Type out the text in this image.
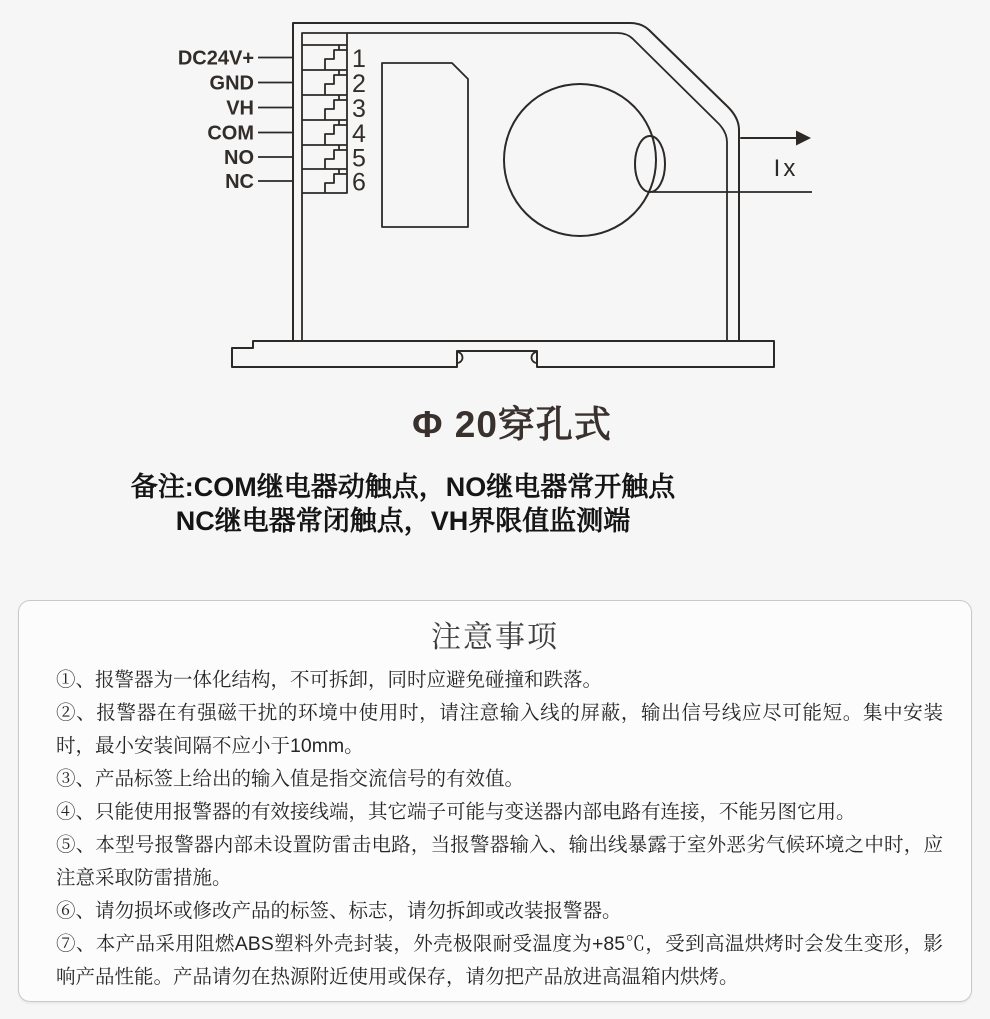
DC24V+
GND
VH
COM
NO
NC
1
2
3
4
5
6	Ix
Φ 20穿孔式
备注:COM继电器动触点，NO继电器常开触点
NC继电器常闭触点，VH界限值监测端
注意事项

①、报警器为一体化结构，不可拆卸，同时应避免碰撞和跌落。

②、报警器在有强磁干扰的环境中使用时，请注意输入线的屏蔽，输出信号线应尽可能短。集中安装时，最小安装间隔不应小于10mm。

③、产品标签上给出的输入值是指交流信号的有效值。

④、只能使用报警器的有效接线端，其它端子可能与变送器内部电路有连接，不能另图它用。

⑤、本型号报警器内部未设置防雷击电路，当报警器输入、输出线暴露于室外恶劣气候环境之中时，应注意采取防雷措施。

⑥、请勿损坏或修改产品的标签、标志，请勿拆卸或改装报警器。

⑦、本产品采用阻燃ABS塑料外壳封装，外壳极限耐受温度为+85℃，受到高温烘烤时会发生变形，影响产品性能。产品请勿在热源附近使用或保存，请勿把产品放进高温箱内烘烤。
